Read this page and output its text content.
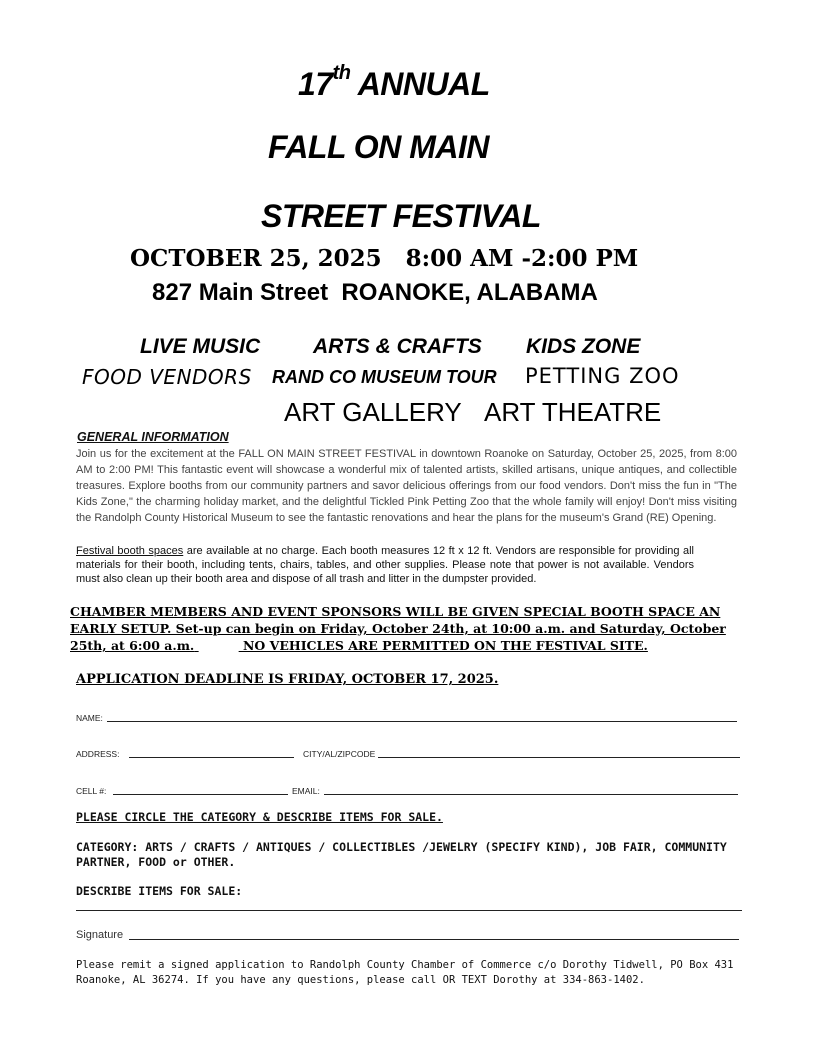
17th ANNUAL
FALL ON MAIN
STREET FESTIVAL
OCTOBER 25, 2025   8:00 AM -2:00 PM
827 Main Street ROANOKE, ALABAMA
LIVE MUSIC	ARTS & CRAFTS KIDS ZONE
FOOD VENDORS RAND CO MUSEUM TOUR PETTING ZOO
ART GALLERY ART THEATRE
GENERAL INFORMATION
Join us for the excitement at the FALL ON MAIN STREET FESTIVAL in downtown Roanoke on Saturday, October 25, 2025, from 8:00 AM to 2:00 PM! This fantastic event will showcase a wonderful mix of talented artists, skilled artisans, unique antiques, and collectible treasures. Explore booths from our community partners and savor delicious offerings from our food vendors. Don't miss the fun in "The Kids Zone," the charming holiday market, and the delightful Tickled Pink Petting Zoo that the whole family will enjoy! Don't miss visiting the Randolph County Historical Museum to see the fantastic renovations and hear the plans for the museum's Grand (RE) Opening.
Festival booth spaces are available at no charge. Each booth measures 12 ft x 12 ft. Vendors are responsible for providing all materials for their booth, including tents, chairs, tables, and other supplies. Please note that power is not available. Vendors must also clean up their booth area and dispose of all trash and litter in the dumpster provided.
CHAMBER MEMBERS AND EVENT SPONSORS WILL BE GIVEN SPECIAL BOOTH SPACE AN EARLY SETUP. Set-up can begin on Friday, October 24th, at 10:00 a.m. and Saturday, October 25th, at 6:00 a.m.	NO VEHICLES ARE PERMITTED ON THE FESTIVAL SITE.
APPLICATION DEADLINE IS FRIDAY, OCTOBER 17, 2025.
NAME:
ADDRESS:	CITY/AL/ZIPCODE
CELL #:	EMAIL:
PLEASE CIRCLE THE CATEGORY & DESCRIBE ITEMS FOR SALE.
CATEGORY: ARTS / CRAFTS / ANTIQUES / COLLECTIBLES /JEWELRY (SPECIFY KIND), JOB FAIR, COMMUNITY PARTNER, FOOD or OTHER.
DESCRIBE ITEMS FOR SALE:
Signature
Please remit a signed application to Randolph County Chamber of Commerce c/o Dorothy Tidwell, PO Box 431 Roanoke, AL 36274. If you have any questions, please call OR TEXT Dorothy at 334-863-1402.
